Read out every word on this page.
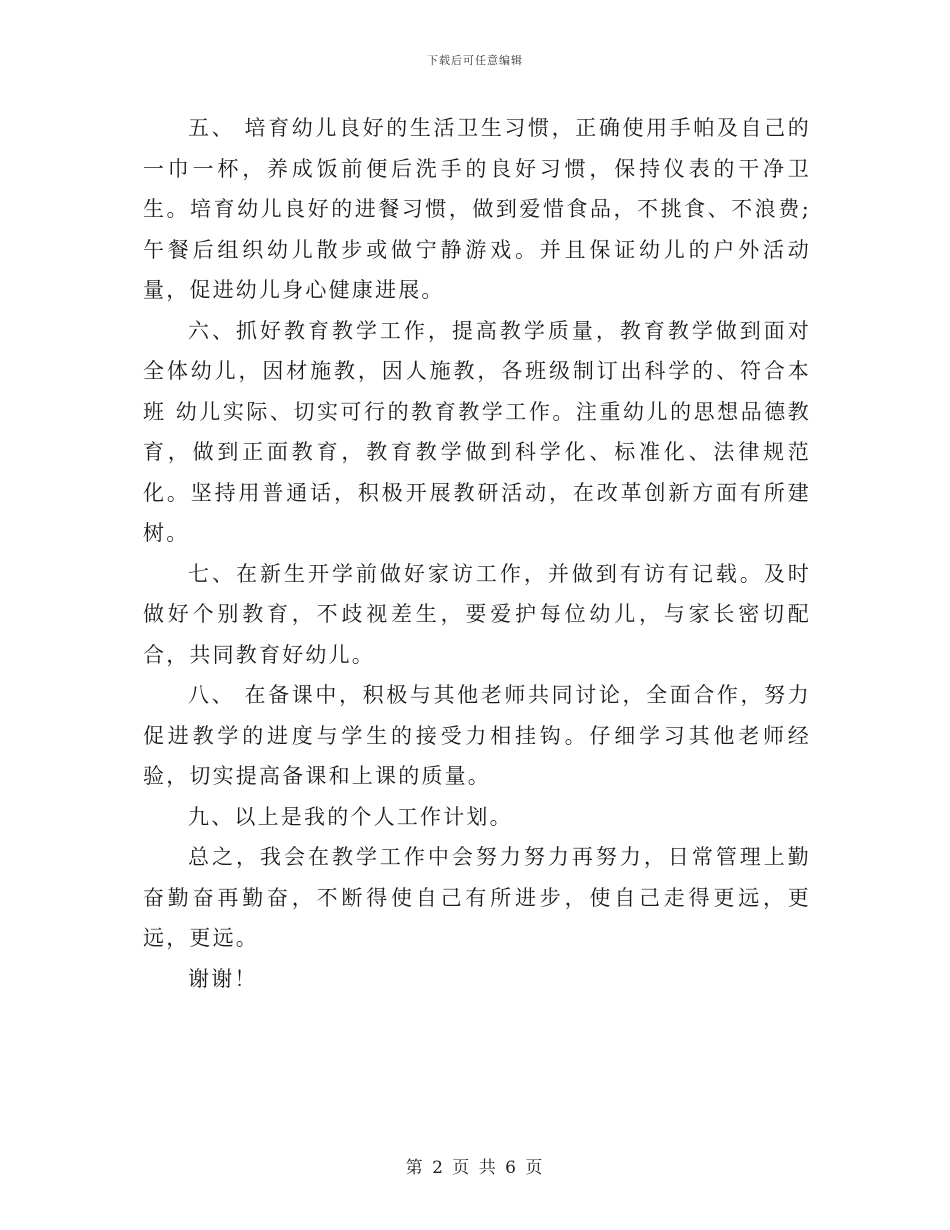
下载后可任意编辑

五、 培育幼儿良好的生活卫生习惯，正确使用手帕及自己的一巾一杯，养成饭前便后洗手的良好习惯，保持仪表的干净卫生。培育幼儿良好的进餐习惯，做到爱惜食品，不挑食、不浪费;午餐后组织幼儿散步或做宁静游戏。并且保证幼儿的户外活动量，促进幼儿身心健康进展。

六、抓好教育教学工作，提高教学质量，教育教学做到面对全体幼儿，因材施教，因人施教，各班级制订出科学的、符合本班 幼儿实际、切实可行的教育教学工作。注重幼儿的思想品德教育，做到正面教育，教育教学做到科学化、标准化、法律规范化。坚持用普通话，积极开展教研活动，在改革创新方面有所建树。

七、在新生开学前做好家访工作，并做到有访有记载。及时做好个别教育，不歧视差生，要爱护每位幼儿，与家长密切配合，共同教育好幼儿。

八、 在备课中，积极与其他老师共同讨论，全面合作，努力促进教学的进度与学生的接受力相挂钩。仔细学习其他老师经验，切实提高备课和上课的质量。

九、以上是我的个人工作计划。

总之，我会在教学工作中会努力努力再努力，日常管理上勤奋勤奋再勤奋，不断得使自己有所进步，使自己走得更远，更远，更远。

谢谢！

第 2 页 共 6 页
